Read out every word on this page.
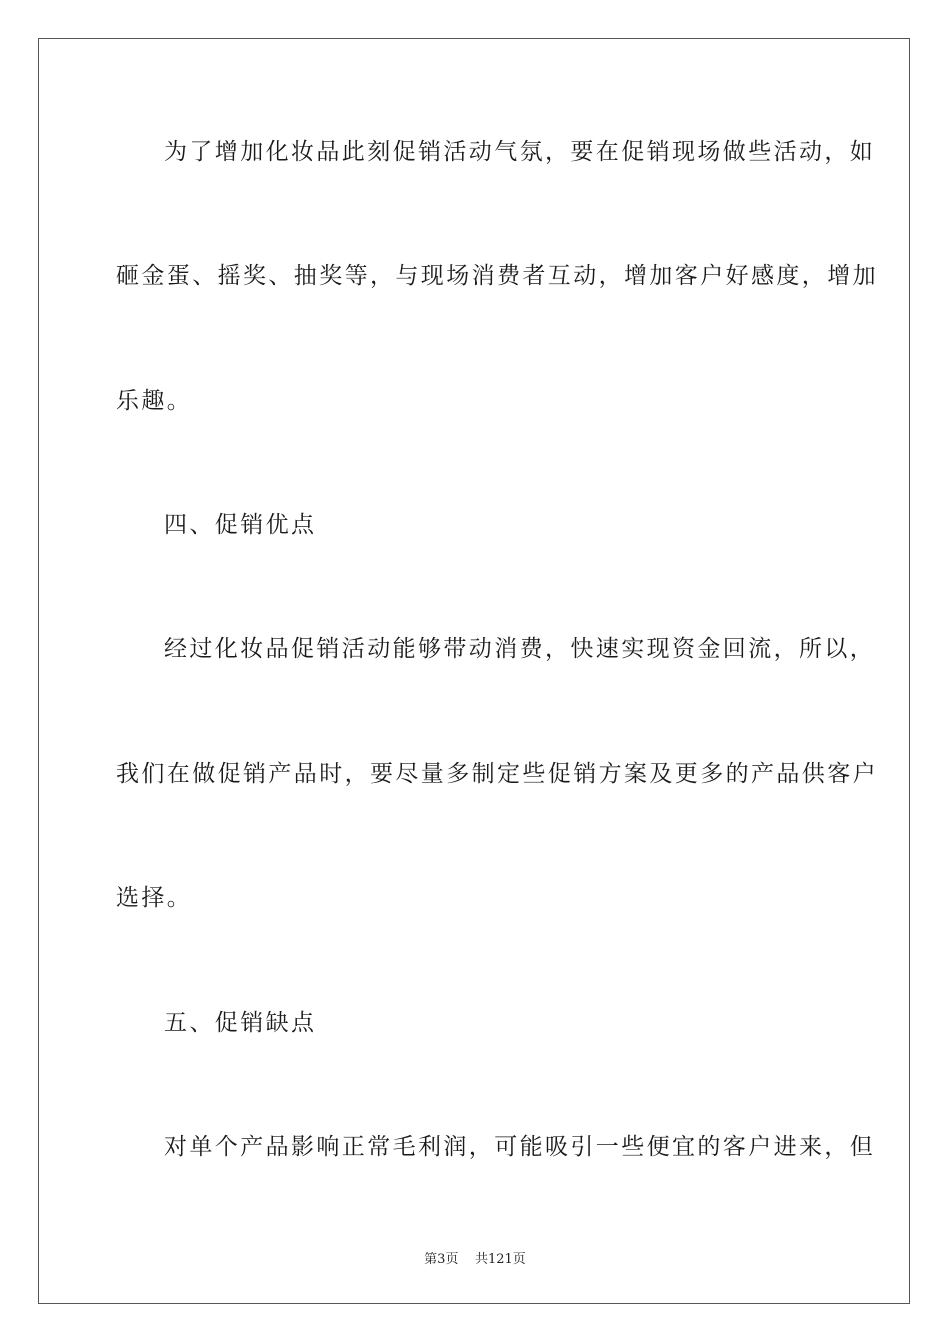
为了增加化妆品此刻促销活动气氛，要在促销现场做些活动，如
砸金蛋、摇奖、抽奖等，与现场消费者互动，增加客户好感度，增加
乐趣。
四、促销优点
经过化妆品促销活动能够带动消费，快速实现资金回流，所以，
我们在做促销产品时，要尽量多制定些促销方案及更多的产品供客户
选择。
五、促销缺点
对单个产品影响正常毛利润，可能吸引一些便宜的客户进来，但
第3页 共121页
